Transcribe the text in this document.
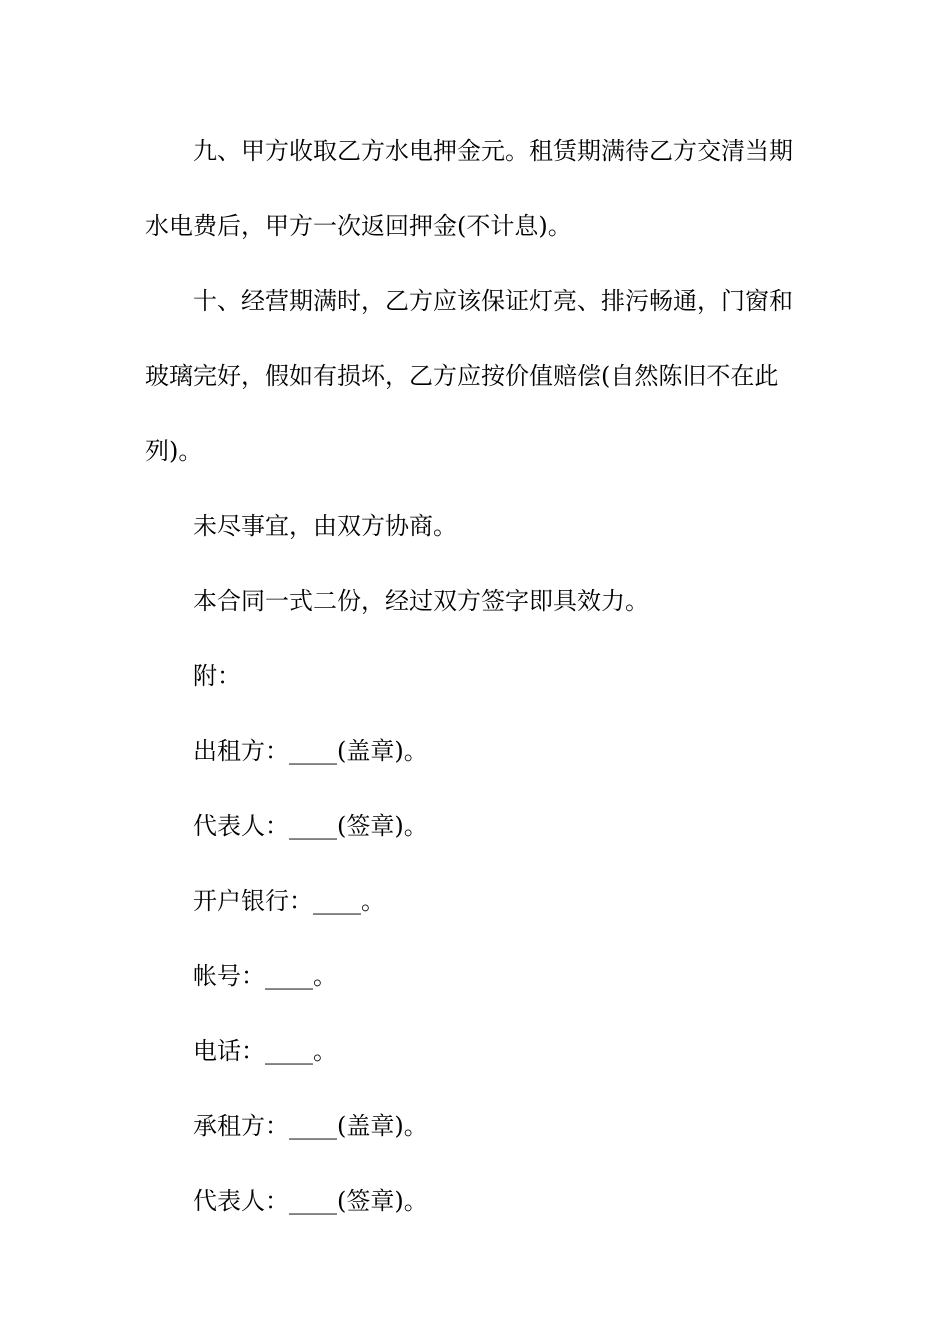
九、甲方收取乙方水电押金元。租赁期满待乙方交清当期
水电费后，甲方一次返回押金(不计息)。
十、经营期满时，乙方应该保证灯亮、排污畅通，门窗和
玻璃完好，假如有损坏，乙方应按价值赔偿(自然陈旧不在此
列)。
未尽事宜，由双方协商。
本合同一式二份，经过双方签字即具效力。
附：
出租方：____(盖章)。
代表人：____(签章)。
开户银行：____。
帐号：____。
电话：____。
承租方：____(盖章)。
代表人：____(签章)。
